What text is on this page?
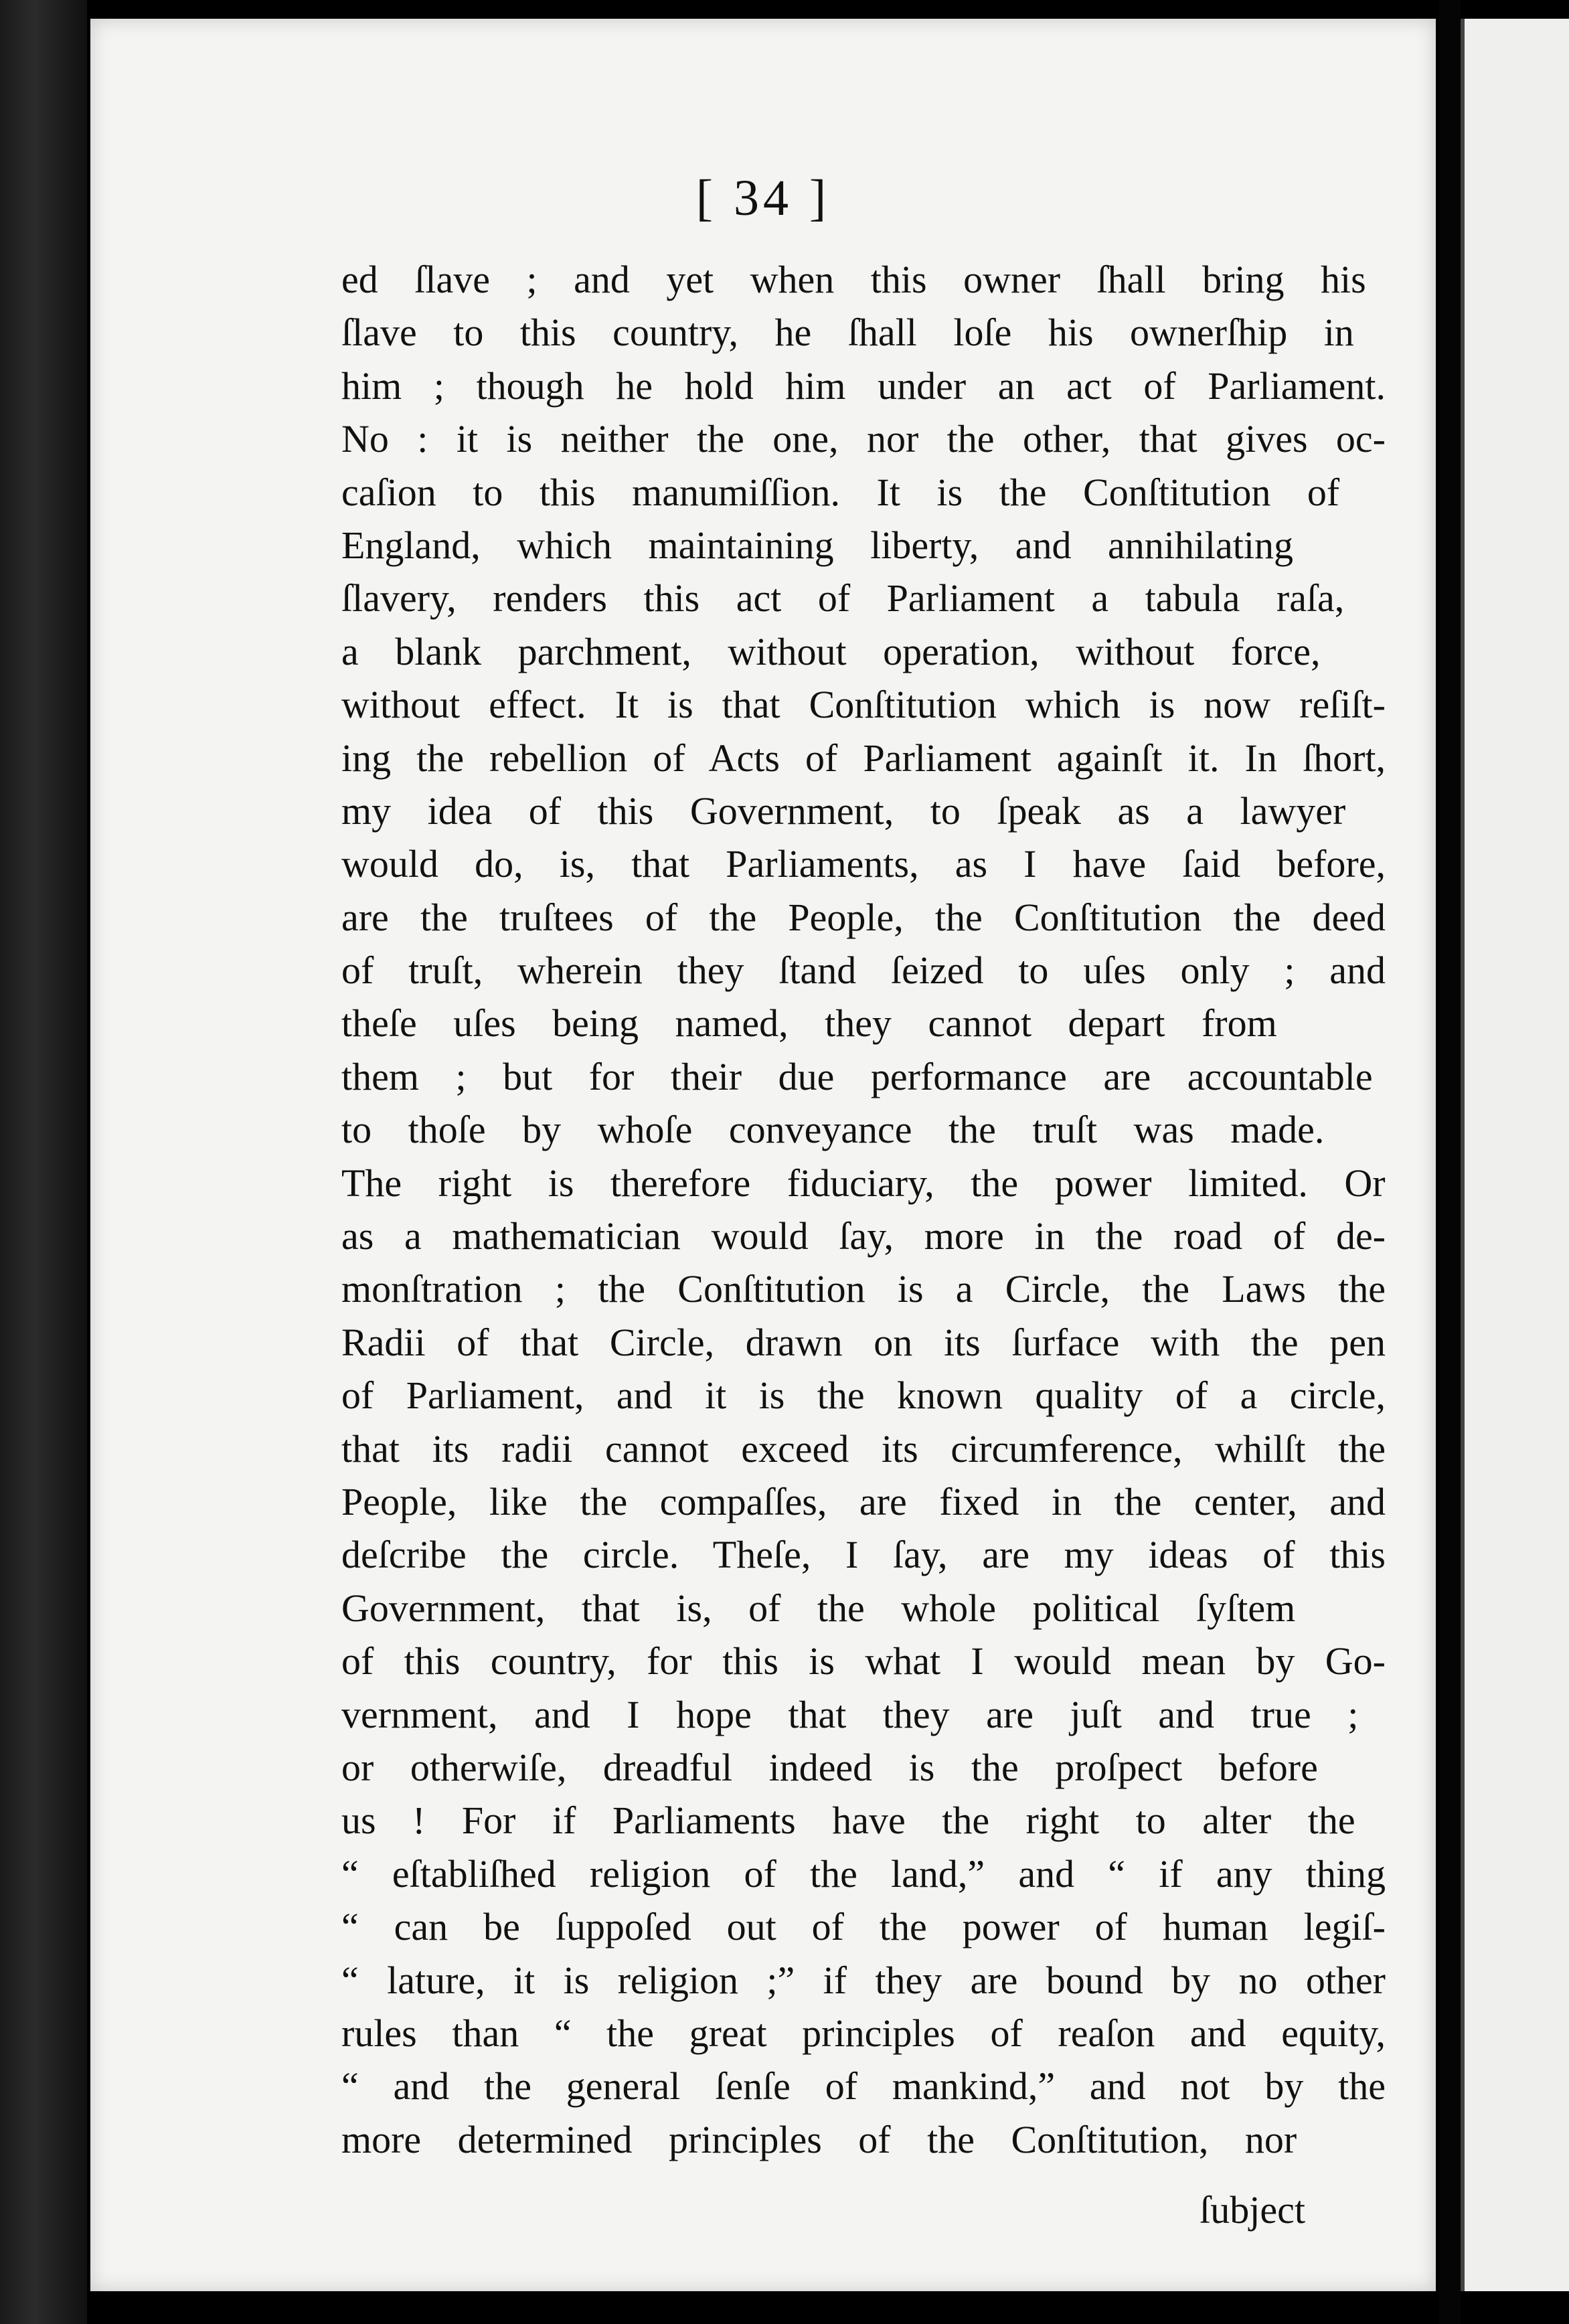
[ 34 ]
ed ſlave ; and yet when this owner ſhall bring his
ſlave to this country, he ſhall loſe his ownerſhip in
him ; though he hold him under an act of Parliament.
No : it is neither the one, nor the other, that gives oc-
caſion to this manumiſſion. It is the Conſtitution of
England, which maintaining liberty, and annihilating
ſlavery, renders this act of Parliament a tabula raſa,
a blank parchment, without operation, without force,
without effect. It is that Conſtitution which is now reſiſt-
ing the rebellion of Acts of Parliament againſt it. In ſhort,
my idea of this Government, to ſpeak as a lawyer
would do, is, that Parliaments, as I have ſaid before,
are the truſtees of the People, the Conſtitution the deed
of truſt, wherein they ſtand ſeized to uſes only ; and
theſe uſes being named, they cannot depart from
them ; but for their due performance are accountable
to thoſe by whoſe conveyance the truſt was made.
The right is therefore fiduciary, the power limited. Or
as a mathematician would ſay, more in the road of de-
monſtration ; the Conſtitution is a Circle, the Laws the
Radii of that Circle, drawn on its ſurface with the pen
of Parliament, and it is the known quality of a circle,
that its radii cannot exceed its circumference, whilſt the
People, like the compaſſes, are fixed in the center, and
deſcribe the circle. Theſe, I ſay, are my ideas of this
Government, that is, of the whole political ſyſtem
of this country, for this is what I would mean by Go-
vernment, and I hope that they are juſt and true ;
or otherwiſe, dreadful indeed is the proſpect before
us ! For if Parliaments have the right to alter the
“ eſtabliſhed religion of the land,” and “ if any thing
“ can be ſuppoſed out of the power of human legiſ-
“ lature, it is religion ;” if they are bound by no other
rules than “ the great principles of reaſon and equity,
“ and the general ſenſe of mankind,” and not by the
more determined principles of the Conſtitution, nor
ſubject
